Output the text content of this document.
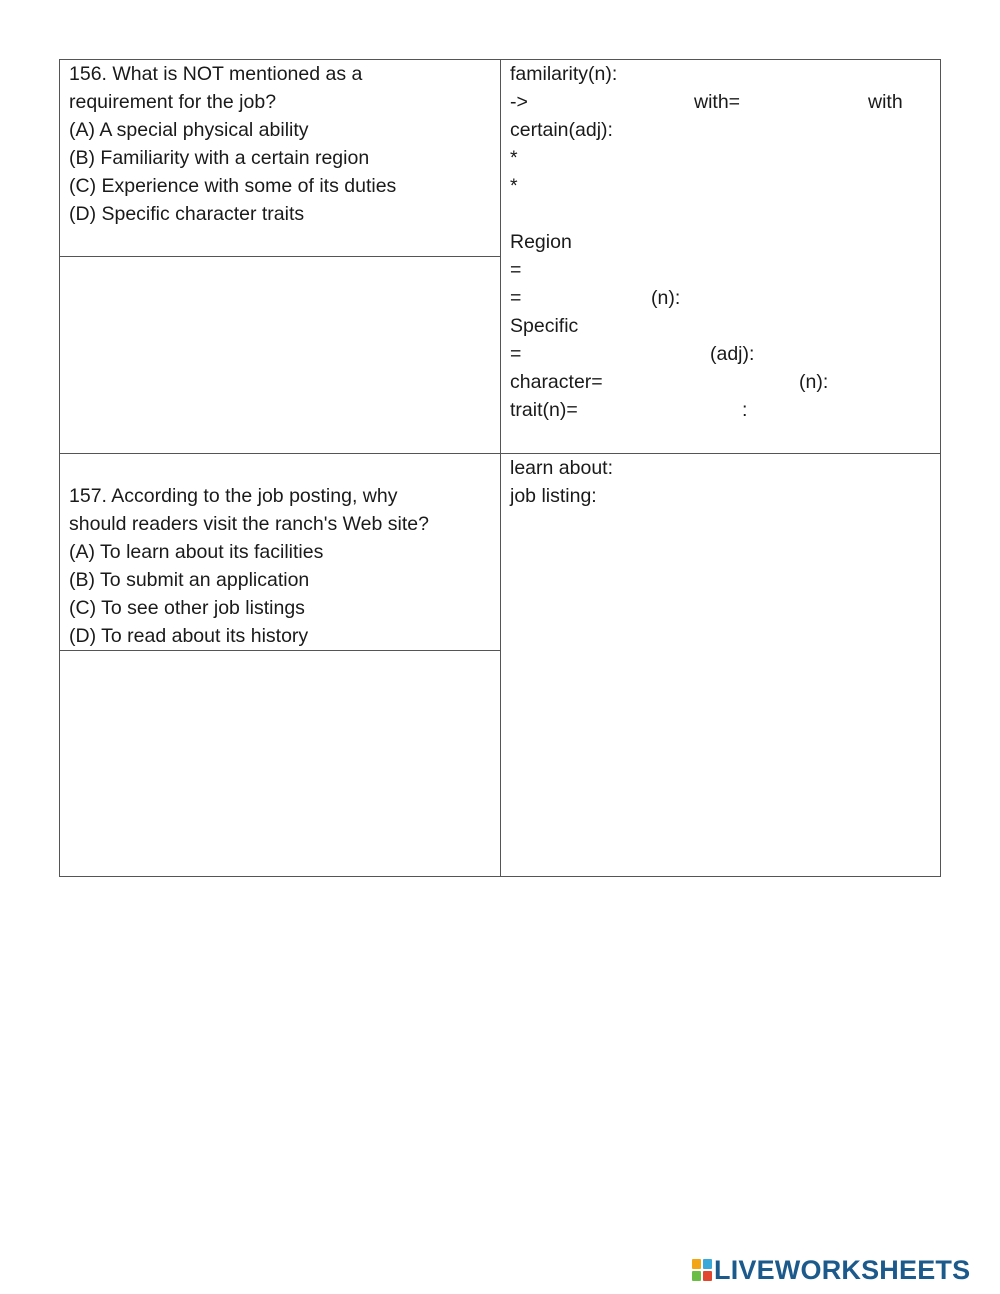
156. What is NOT mentioned as a
requirement for the job?
(A) A special physical ability
(B) Familiarity with a certain region
(C) Experience with some of its duties
(D) Specific character traits
familarity(n):
->	with=	with
certain(adj):
*
*
Region
=
=	(n):
Specific
=	(adj):
character=	(n):
trait(n)=	:
157. According to the job posting, why
should readers visit the ranch's Web site?
(A) To learn about its facilities
(B) To submit an application
(C) To see other job listings
(D) To read about its history
learn about:
job listing:
LIVEWORKSHEETS
